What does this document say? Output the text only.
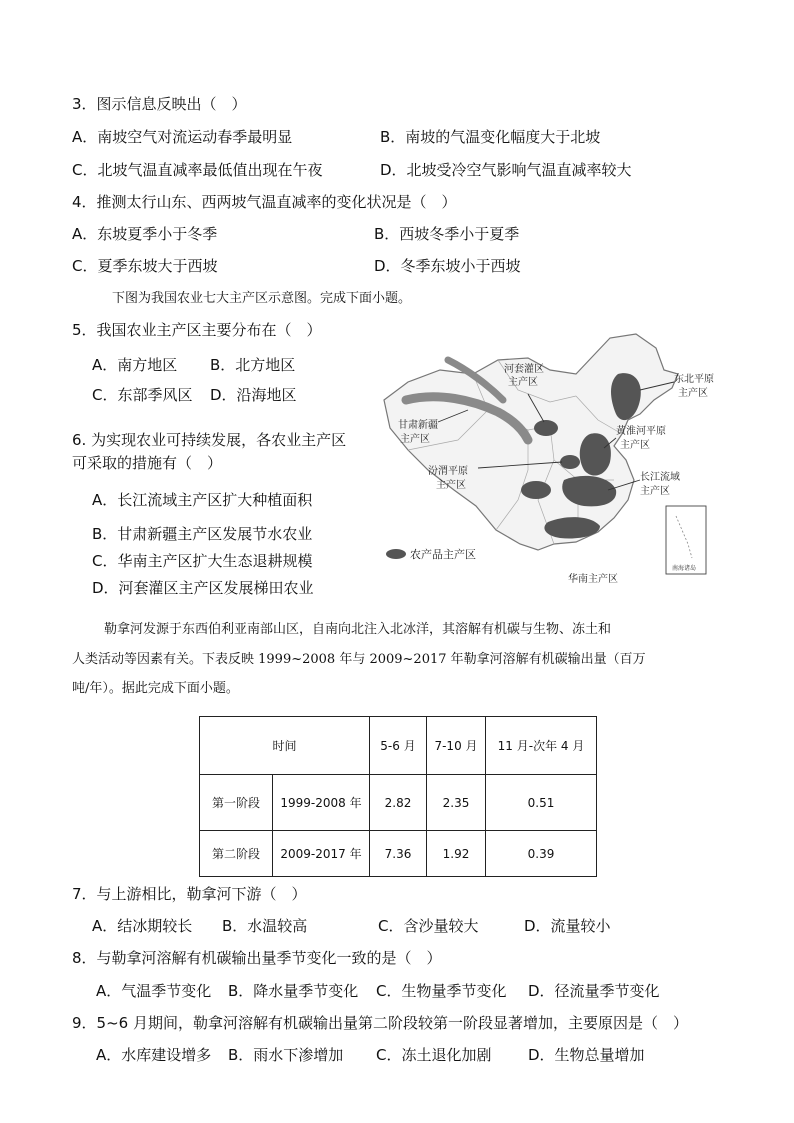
3．图示信息反映出（　）
A．南坡空气对流运动春季最明显	B．南坡的气温变化幅度大于北坡
C．北坡气温直减率最低值出现在午夜	D．北坡受冷空气影响气温直减率较大
4．推测太行山东、西两坡气温直减率的变化状况是（　）
A．东坡夏季小于冬季	B．西坡冬季小于夏季
C．夏季东坡大于西坡	D．冬季东坡小于西坡
下图为我国农业七大主产区示意图。完成下面小题。
5．我国农业主产区主要分布在（　）
A．南方地区 B．北方地区
C．东部季风区 D．沿海地区
6. 为实现农业可持续发展，各农业主产区
可采取的措施有（　）
A．长江流域主产区扩大种植面积
B．甘肃新疆主产区发展节水农业
C．华南主产区扩大生态退耕规模
D．河套灌区主产区发展梯田农业
河套灌区 主产区	东北平原 主产区
甘肃新疆 主产区
黄淮河平原 主产区
汾渭平原 主产区
长江流域 主产区
华南主产区
南海诸岛
农产品主产区
勒拿河发源于东西伯利亚南部山区，自南向北注入北冰洋，其溶解有机碳与生物、冻土和
人类活动等因素有关。下表反映 1999~2008 年与 2009~2017 年勒拿河溶解有机碳输出量（百万
吨/年）。据此完成下面小题。
时间		5-6 月	7-10 月	11 月-次年 4 月
第一阶段	1999-2008 年	2.82	2.35	0.51
第二阶段	2009-2017 年	7.36	1.92	0.39
7．与上游相比，勒拿河下游（　）
A．结冰期较长 B．水温较高	C．含沙量较大	D．流量较小
8．与勒拿河溶解有机碳输出量季节变化一致的是（　）
A．气温季节变化 B．降水量季节变化 C．生物量季节变化 D．径流量季节变化
9．5~6 月期间，勒拿河溶解有机碳输出量第二阶段较第一阶段显著增加，主要原因是（　）
A．水库建设增多 B．雨水下渗增加 C．冻土退化加剧 D．生物总量增加
